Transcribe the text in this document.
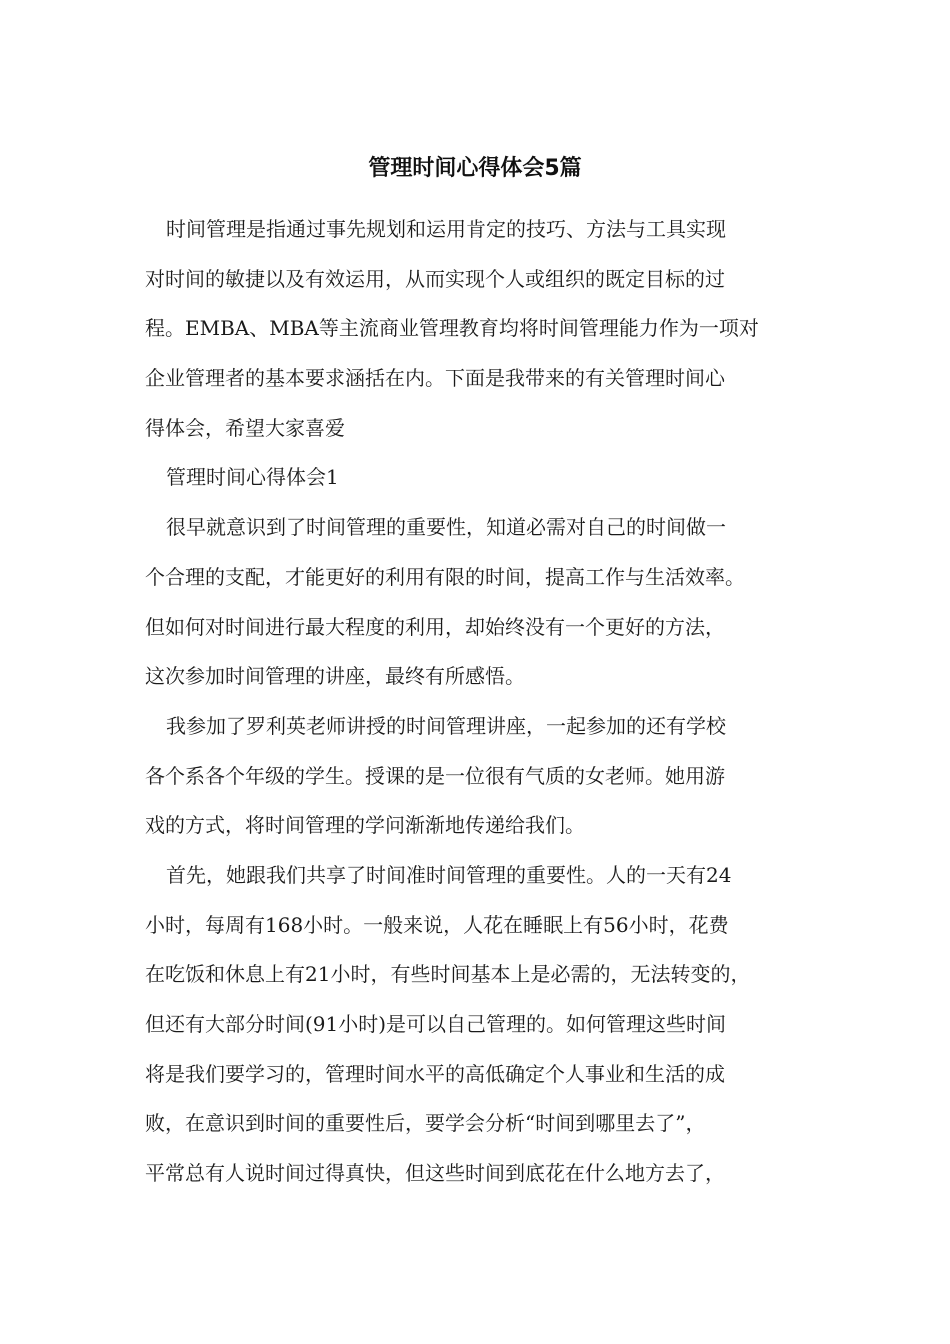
管理时间心得体会5篇
时间管理是指通过事先规划和运用肯定的技巧、方法与工具实现
对时间的敏捷以及有效运用，从而实现个人或组织的既定目标的过
程。EMBA、MBA等主流商业管理教育均将时间管理能力作为一项对
企业管理者的基本要求涵括在内。下面是我带来的有关管理时间心
得体会，希望大家喜爱
管理时间心得体会1
很早就意识到了时间管理的重要性，知道必需对自己的时间做一
个合理的支配，才能更好的利用有限的时间，提高工作与生活效率。
但如何对时间进行最大程度的利用，却始终没有一个更好的方法，
这次参加时间管理的讲座，最终有所感悟。
我参加了罗利英老师讲授的时间管理讲座，一起参加的还有学校
各个系各个年级的学生。授课的是一位很有气质的女老师。她用游
戏的方式，将时间管理的学问渐渐地传递给我们。
首先，她跟我们共享了时间准时间管理的重要性。人的一天有24
小时，每周有168小时。一般来说，人花在睡眠上有56小时，花费
在吃饭和休息上有21小时，有些时间基本上是必需的，无法转变的，
但还有大部分时间(91小时)是可以自己管理的。如何管理这些时间
将是我们要学习的，管理时间水平的高低确定个人事业和生活的成
败，在意识到时间的重要性后，要学会分析“时间到哪里去了”，
平常总有人说时间过得真快，但这些时间到底花在什么地方去了，
